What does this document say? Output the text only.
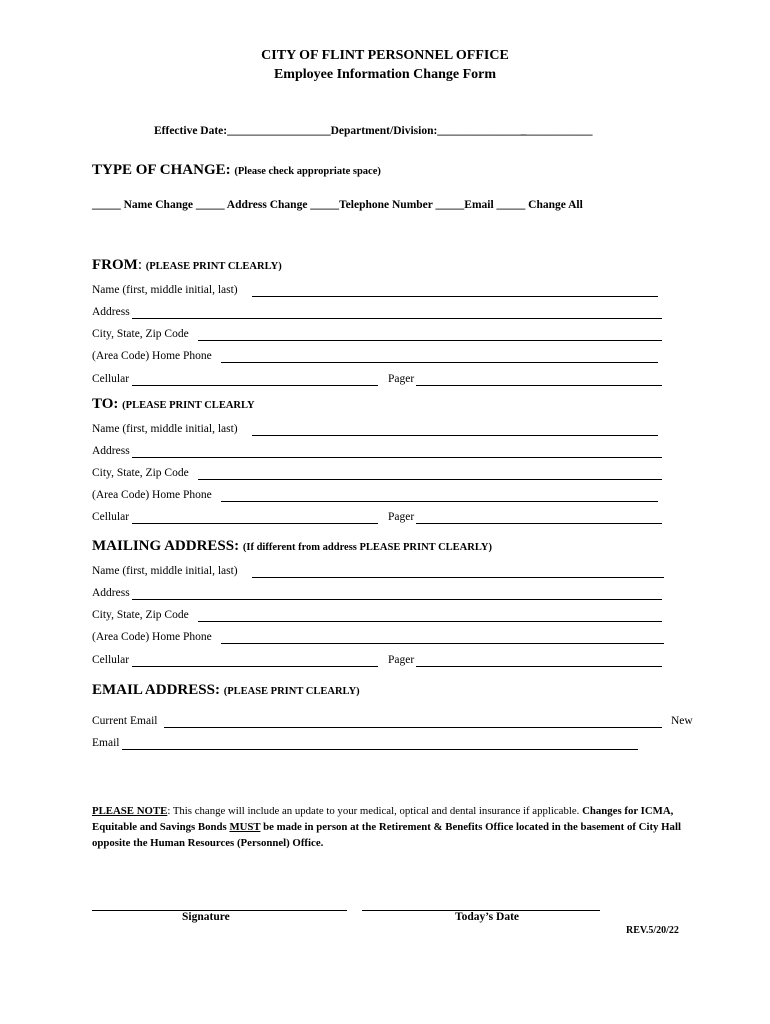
CITY OF FLINT PERSONNEL OFFICE
Employee Information Change Form
Effective Date:__________________Department/Division:_______________̲____________
TYPE OF CHANGE: (Please check appropriate space)
_____ Name Change _____ Address Change _____Telephone Number _____Email _____ Change All
FROM: (PLEASE PRINT CLEARLY)
Name (first, middle initial, last)
Address
City, State, Zip Code
(Area Code) Home Phone
Cellular	Pager
TO: (PLEASE PRINT CLEARLY
Name (first, middle initial, last)
Address
City, State, Zip Code
(Area Code) Home Phone
Cellular	Pager
MAILING ADDRESS: (If different from address PLEASE PRINT CLEARLY)
Name (first, middle initial, last)
Address
City, State, Zip Code
(Area Code) Home Phone
Cellular	Pager
EMAIL ADDRESS: (PLEASE PRINT CLEARLY)
Current Email	New
Email
PLEASE NOTE: This change will include an update to your medical, optical and dental insurance if applicable. Changes for ICMA, Equitable and Savings Bonds MUST be made in person at the Retirement & Benefits Office located in the basement of City Hall opposite the Human Resources (Personnel) Office.
Signature	Today’s Date
REV.5/20/22
